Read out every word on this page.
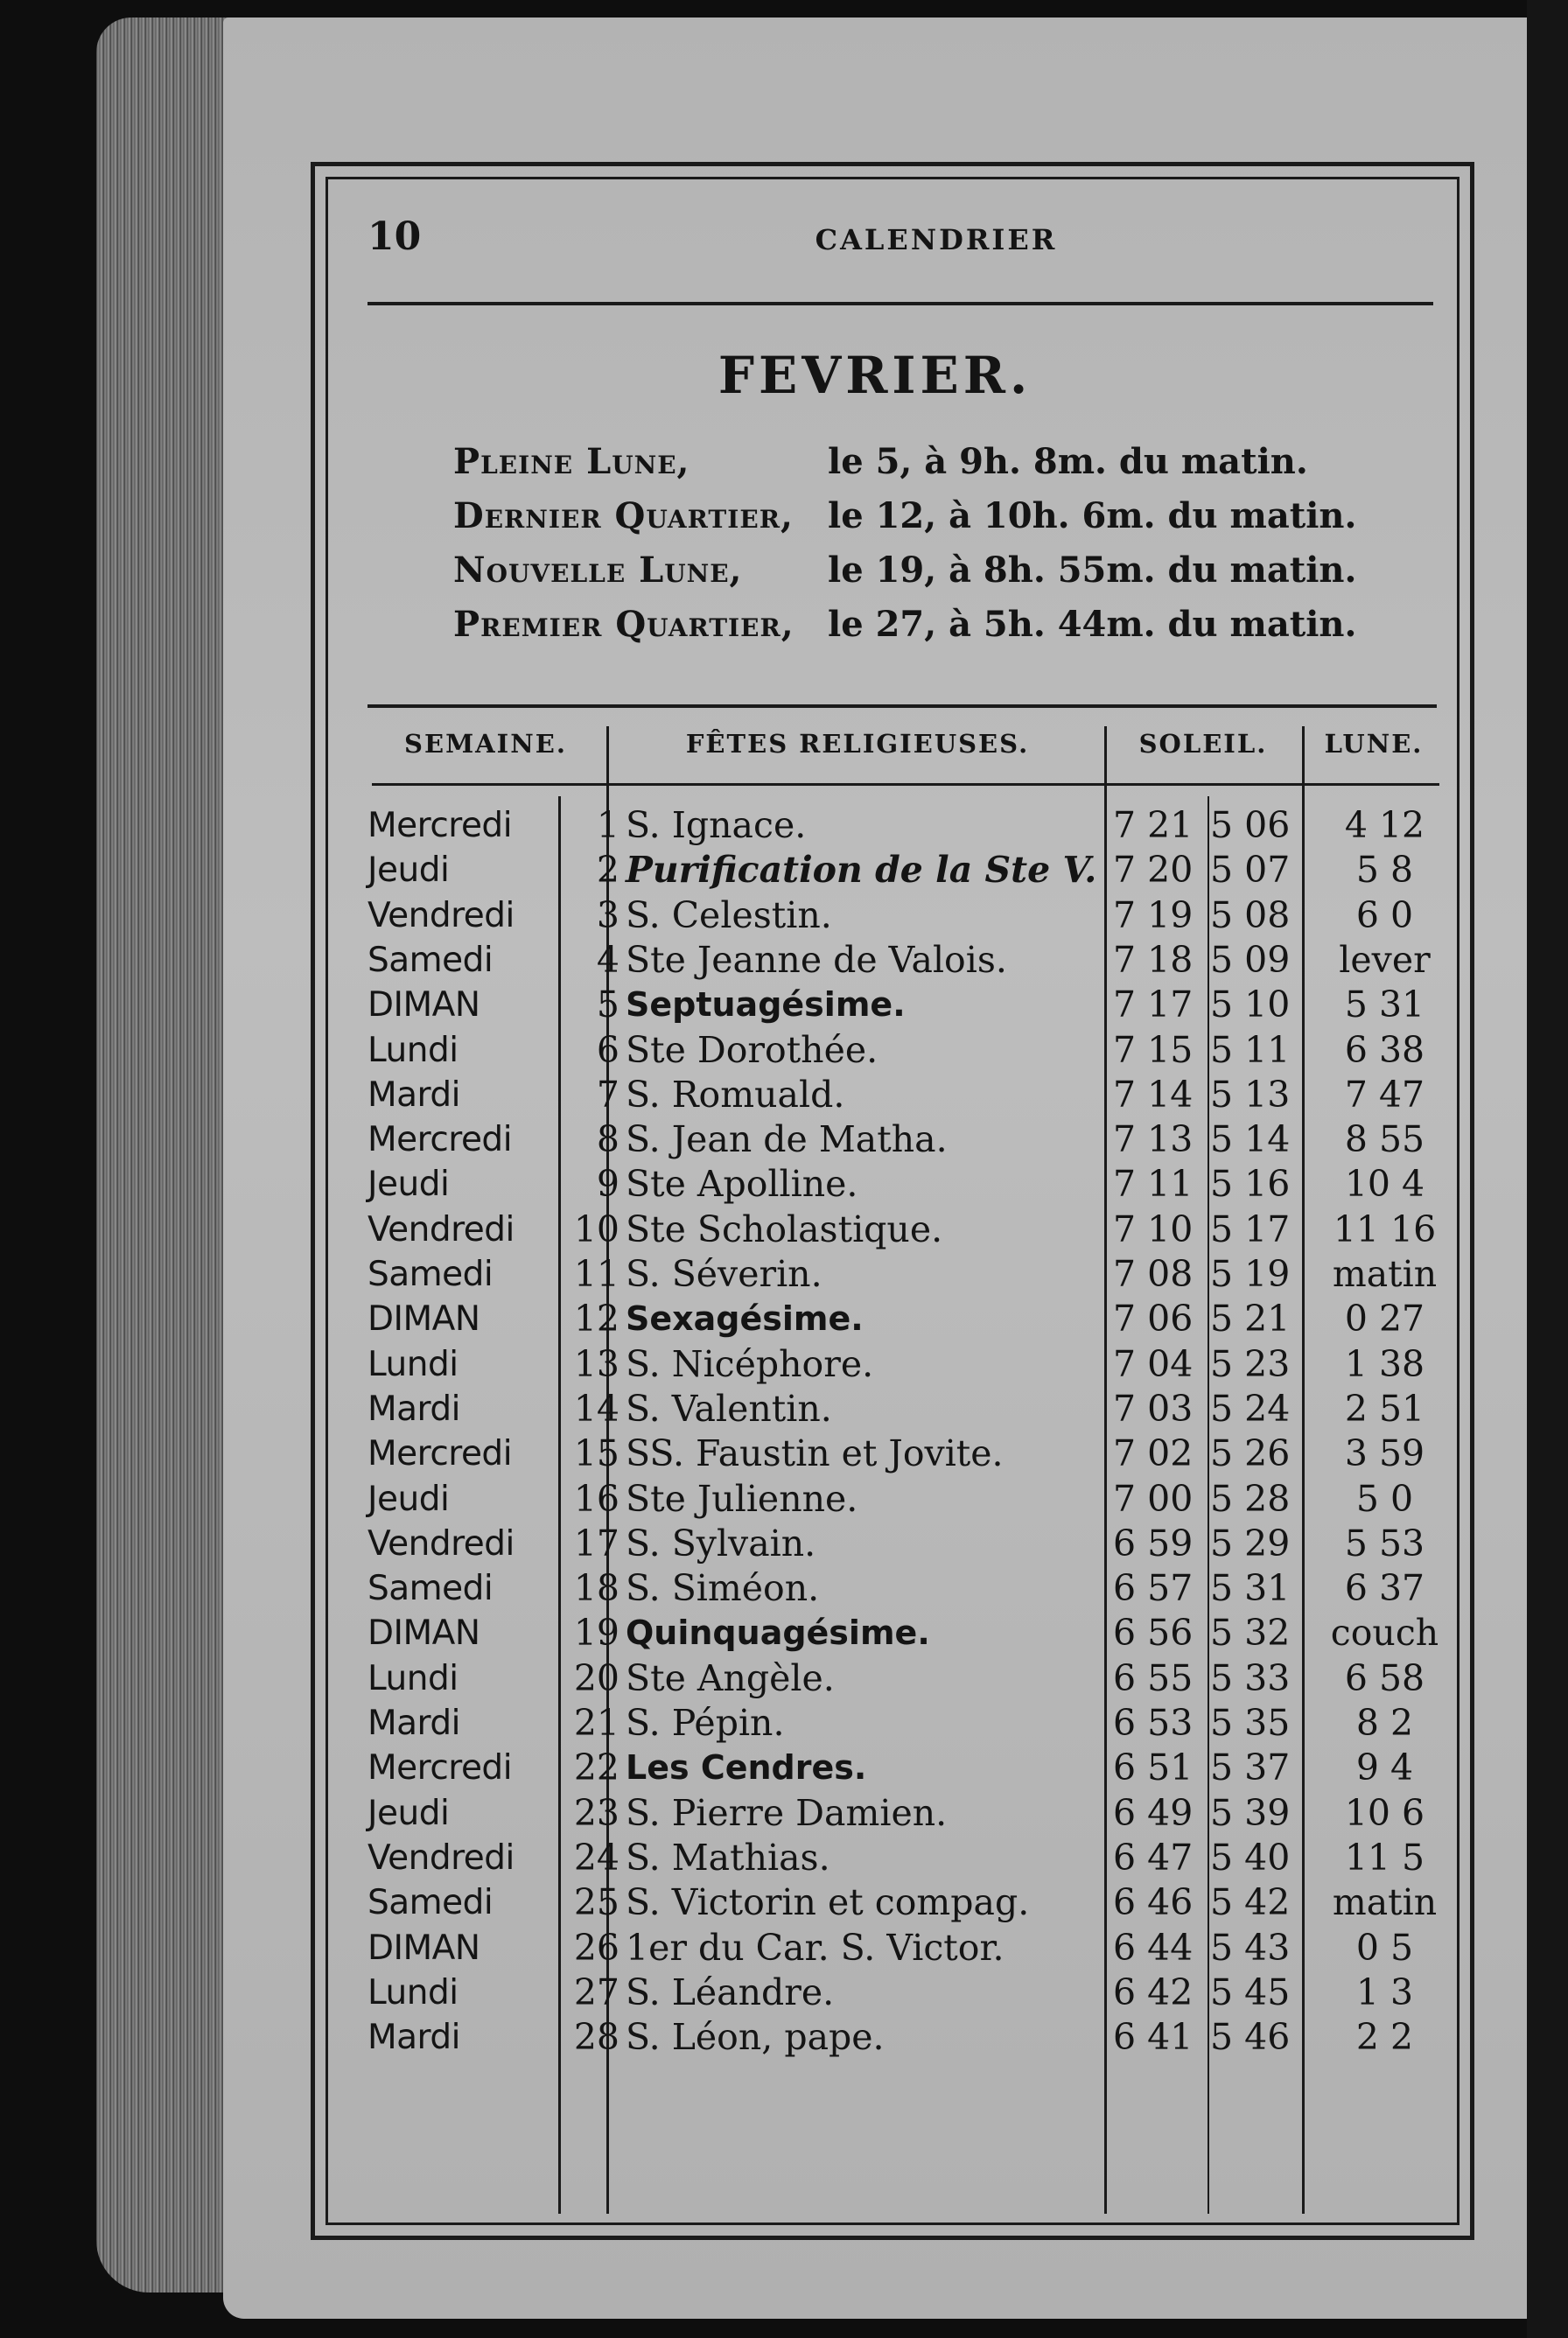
10	CALENDRIER
FEVRIER.
Pleine Lune,	le 5, à 9h. 8m. du matin.
Dernier Quartier, le 12, à 10h. 6m. du matin.
Nouvelle Lune, le 19, à 8h. 55m. du matin.
Premier Quartier, le 27, à 5h. 44m. du matin.
SEMAINE.	FÊTES RELIGIEUSES.	SOLEIL.	LUNE.
Mercredi	1 S. Ignace.	7 21 5 06	4 12
Jeudi	2 Purification de la Ste V. 7 20 5 07	5 8
Vendredi	3 S. Celestin.	7 19 5 08	6 0
Samedi	4 Ste Jeanne de Valois.	7 18 5 09	lever
DIMAN	5 Septuagésime.	7 17 5 10	5 31
Lundi	6 Ste Dorothée.	7 15 5 11	6 38
Mardi	7 S. Romuald.	7 14 5 13	7 47
Mercredi	8 S. Jean de Matha.	7 13 5 14	8 55
Jeudi	9 Ste Apolline.	7 11 5 16	10 4
Vendredi	10 Ste Scholastique.	7 10 5 17	11 16
Samedi	11 S. Séverin.	7 08 5 19	matin
DIMAN	12 Sexagésime.	7 06 5 21	0 27
Lundi	13 S. Nicéphore.	7 04 5 23	1 38
Mardi	14 S. Valentin.	7 03 5 24	2 51
Mercredi	15 SS. Faustin et Jovite.	7 02 5 26	3 59
Jeudi	16 Ste Julienne.	7 00 5 28	5 0
Vendredi	17 S. Sylvain.	6 59 5 29	5 53
Samedi	18 S. Siméon.	6 57 5 31	6 37
DIMAN	19 Quinquagésime.	6 56 5 32	couch
Lundi	20 Ste Angèle.	6 55 5 33	6 58
Mardi	21 S. Pépin.	6 53 5 35	8 2
Mercredi	22 Les Cendres.	6 51 5 37	9 4
Jeudi	23 S. Pierre Damien.	6 49 5 39	10 6
Vendredi	24 S. Mathias.	6 47 5 40	11 5
Samedi	25 S. Victorin et compag. 6 46 5 42	matin
DIMAN	26 1er du Car. S. Victor.	6 44 5 43	0 5
Lundi	27 S. Léandre.	6 42 5 45	1 3
Mardi	28 S. Léon, pape.	6 41 5 46	2 2
